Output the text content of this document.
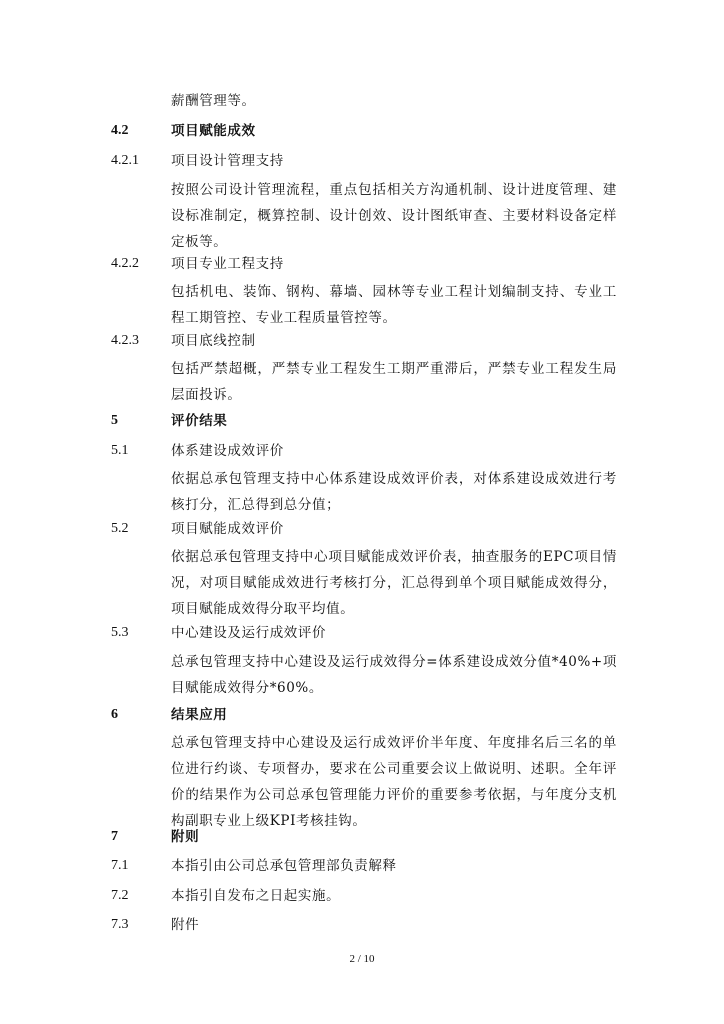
薪酬管理等。
4.2	项目赋能成效
4.2.1 项目设计管理支持
按照公司设计管理流程，重点包括相关方沟通机制、设计进度管理、建设标准制定，概算控制、设计创效、设计图纸审查、主要材料设备定样定板等。
4.2.2 项目专业工程支持
包括机电、装饰、钢构、幕墙、园林等专业工程计划编制支持、专业工程工期管控、专业工程质量管控等。
4.2.3 项目底线控制
包括严禁超概，严禁专业工程发生工期严重滞后，严禁专业工程发生局层面投诉。
5	评价结果
5.1	体系建设成效评价
依据总承包管理支持中心体系建设成效评价表，对体系建设成效进行考核打分，汇总得到总分值；
5.2	项目赋能成效评价
依据总承包管理支持中心项目赋能成效评价表，抽查服务的EPC项目情况，对项目赋能成效进行考核打分，汇总得到单个项目赋能成效得分，项目赋能成效得分取平均值。
5.3	中心建设及运行成效评价
总承包管理支持中心建设及运行成效得分=体系建设成效分值*40%+项目赋能成效得分*60%。
6	结果应用
总承包管理支持中心建设及运行成效评价半年度、年度排名后三名的单位进行约谈、专项督办，要求在公司重要会议上做说明、述职。全年评价的结果作为公司总承包管理能力评价的重要参考依据，与年度分支机构副职专业上级KPI考核挂钩。
7	附则
7.1	本指引由公司总承包管理部负责解释
7.2	本指引自发布之日起实施。
7.3	附件
2 / 10
